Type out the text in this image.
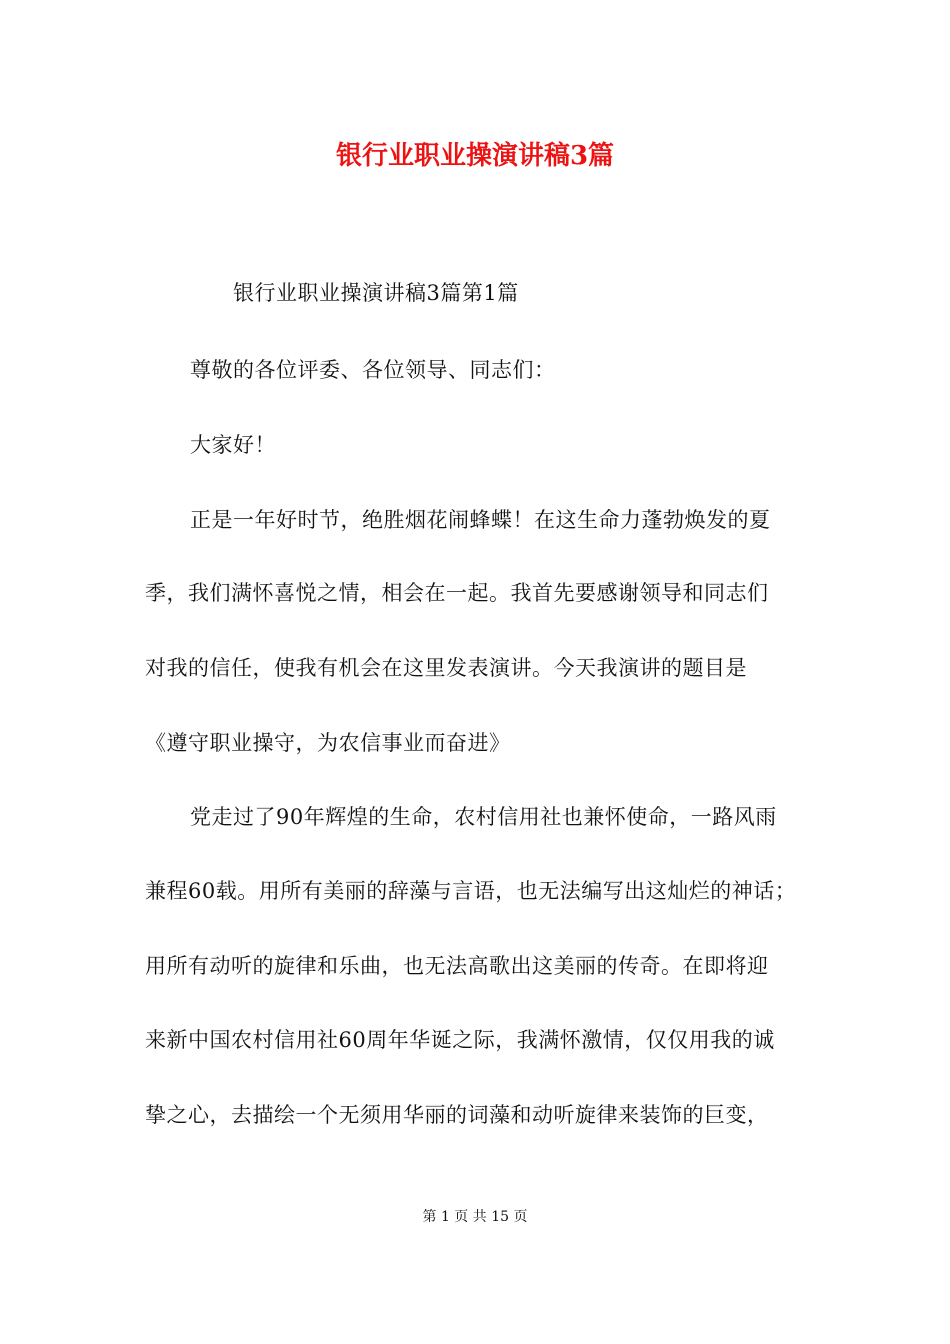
银行业职业操演讲稿3篇
银行业职业操演讲稿3篇第1篇
尊敬的各位评委、各位领导、同志们：
大家好！
正是一年好时节，绝胜烟花闹蜂蝶！在这生命力蓬勃焕发的夏
季，我们满怀喜悦之情，相会在一起。我首先要感谢领导和同志们
对我的信任，使我有机会在这里发表演讲。今天我演讲的题目是
《遵守职业操守，为农信事业而奋进》
党走过了90年辉煌的生命，农村信用社也兼怀使命，一路风雨
兼程60载。用所有美丽的辞藻与言语，也无法编写出这灿烂的神话；
用所有动听的旋律和乐曲，也无法高歌出这美丽的传奇。在即将迎
来新中国农村信用社60周年华诞之际，我满怀激情，仅仅用我的诚
挚之心，去描绘一个无须用华丽的词藻和动听旋律来装饰的巨变，
第 1 页 共 15 页
